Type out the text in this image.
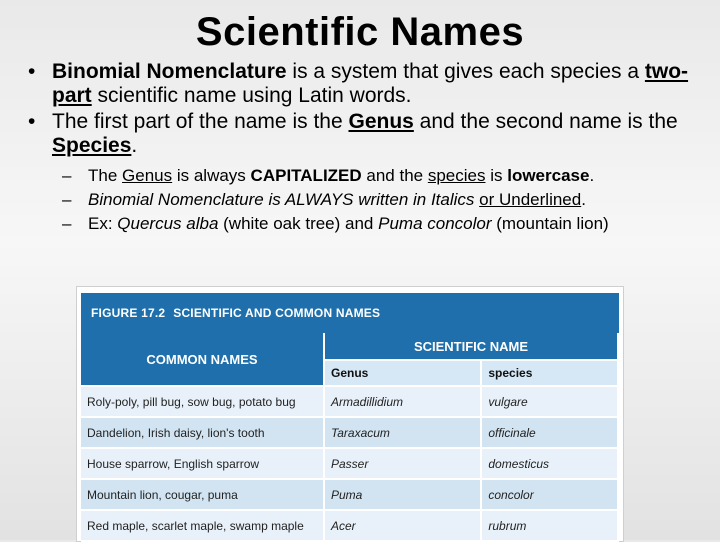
Scientific Names
• Binomial Nomenclature is a system that gives each species a two-part scientific name using Latin words.
• The first part of the name is the Genus and the second name is the Species.
– The Genus is always CAPITALIZED and the species is lowercase.
– Binomial Nomenclature is ALWAYS written in Italics or Underlined.
– Ex: Quercus alba (white oak tree) and Puma concolor (mountain lion)
FIGURE 17.2 SCIENTIFIC AND COMMON NAMES
COMMON NAMES	SCIENTIFIC NAME	
	Genus	species
Roly-poly, pill bug, sow bug, potato bug	Armadillidium	vulgare
Dandelion, Irish daisy, lion's tooth	Taraxacum	officinale
House sparrow, English sparrow	Passer	domesticus
Mountain lion, cougar, puma	Puma	concolor
Red maple, scarlet maple, swamp maple	Acer	rubrum
